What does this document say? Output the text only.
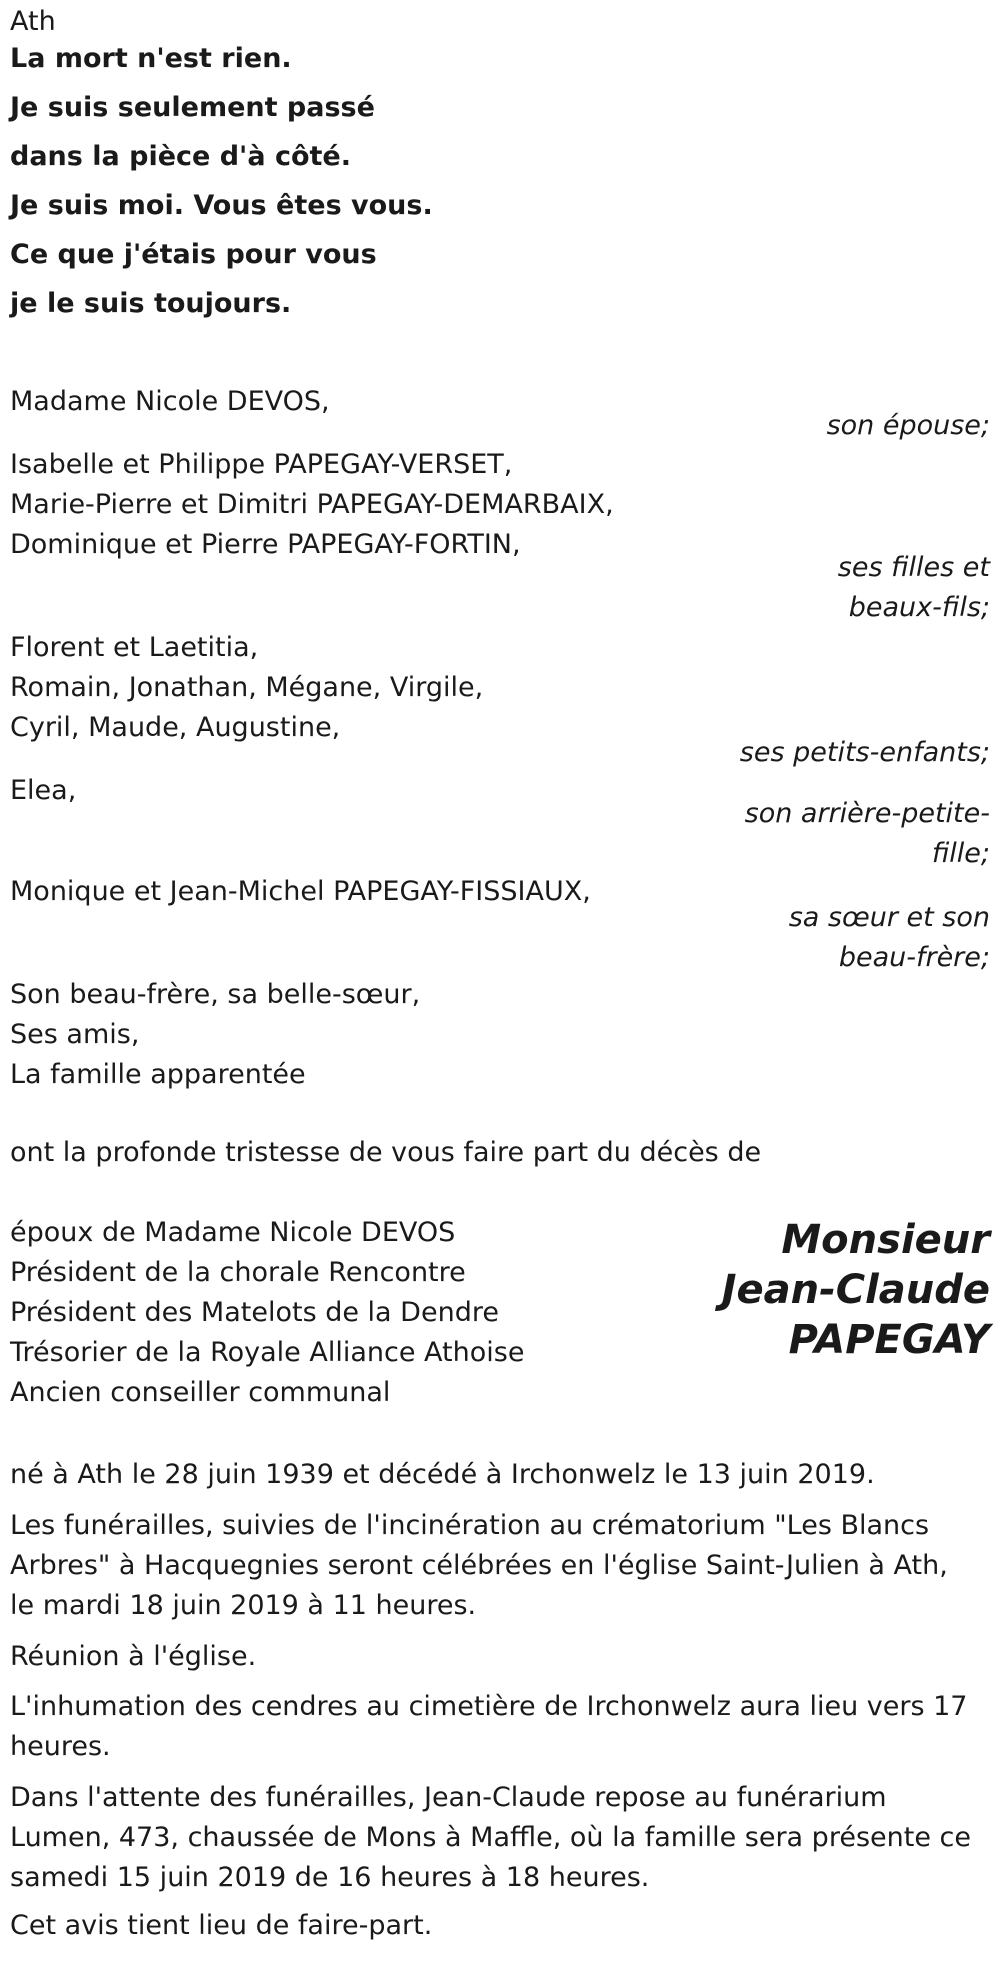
Ath
La mort n'est rien.
Je suis seulement passé
dans la pièce d'à côté.
Je suis moi. Vous êtes vous.
Ce que j'étais pour vous
je le suis toujours.
Madame Nicole DEVOS,
son épouse;
Isabelle et Philippe PAPEGAY-VERSET,
Marie-Pierre et Dimitri PAPEGAY-DEMARBAIX,
Dominique et Pierre PAPEGAY-FORTIN,
ses filles et
beaux-fils;
Florent et Laetitia,
Romain, Jonathan, Mégane, Virgile,
Cyril, Maude, Augustine,
ses petits-enfants;
Elea,
son arrière-petite-
fille;
Monique et Jean-Michel PAPEGAY-FISSIAUX,
sa sœur et son
beau-frère;
Son beau-frère, sa belle-sœur,
Ses amis,
La famille apparentée
ont la profonde tristesse de vous faire part du décès de
époux de Madame Nicole DEVOS
Président de la chorale Rencontre
Président des Matelots de la Dendre
Trésorier de la Royale Alliance Athoise
Ancien conseiller communal
Monsieur
Jean-Claude
PAPEGAY
né à Ath le 28 juin 1939 et décédé à Irchonwelz le 13 juin 2019.
Les funérailles, suivies de l'incinération au crématorium "Les Blancs Arbres" à Hacquegnies seront célébrées en l'église Saint-Julien à Ath, le mardi 18 juin 2019 à 11 heures.
Réunion à l'église.
L'inhumation des cendres au cimetière de Irchonwelz aura lieu vers 17 heures.
Dans l'attente des funérailles, Jean-Claude repose au funérarium Lumen, 473, chaussée de Mons à Maffle, où la famille sera présente ce samedi 15 juin 2019 de 16 heures à 18 heures.
Cet avis tient lieu de faire-part.
